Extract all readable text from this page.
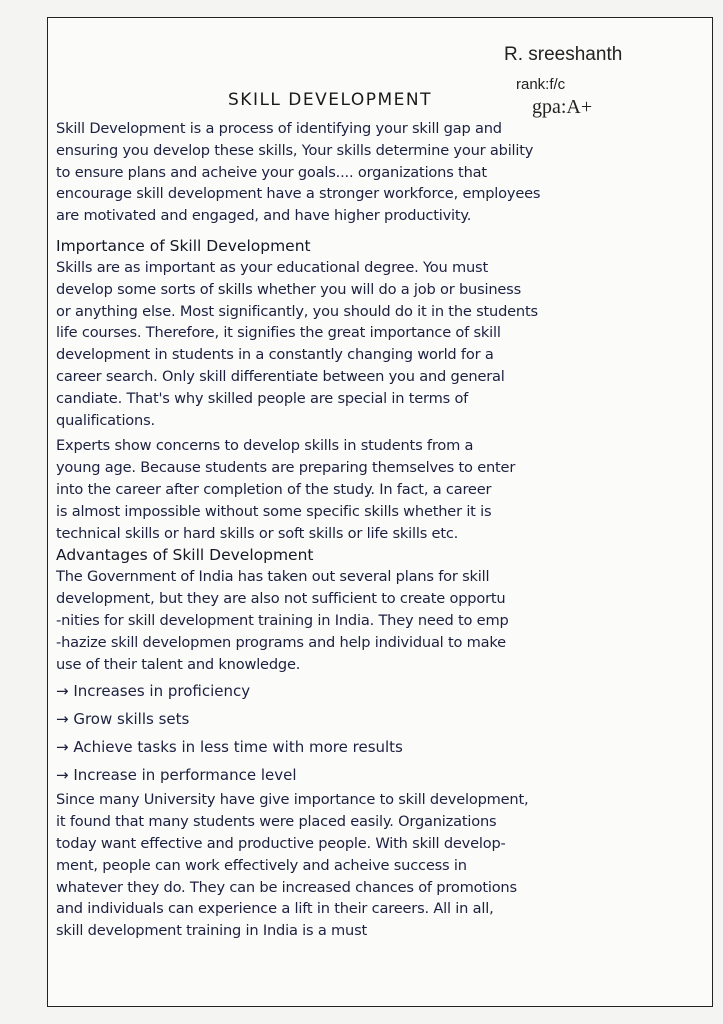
R. sreeshanth
rank:f/c
gpa:A+
SKILL DEVELOPMENT
Skill Development is a process of identifying your skill gap and
ensuring you develop these skills, Your skills determine your ability
to ensure plans and acheive your goals.... organizations that
encourage skill development have a stronger workforce, employees
are motivated and engaged, and have higher productivity.
Importance of Skill Development
Skills are as important as your educational degree. You must
develop some sorts of skills whether you will do a job or business
or anything else. Most significantly, you should do it in the students
life courses. Therefore, it signifies the great importance of skill
development in students in a constantly changing world for a
career search. Only skill differentiate between you and general
candiate. That's why skilled people are special in terms of
qualifications.
Experts show concerns to develop skills in students from a
young age. Because students are preparing themselves to enter
into the career after completion of the study. In fact, a career
is almost impossible without some specific skills whether it is
technical skills or hard skills or soft skills or life skills etc.
Advantages of Skill Development
The Government of India has taken out several plans for skill
development, but they are also not sufficient to create opportu
-nities for skill development training in India. They need to emp
-hazize skill developmen programs and help individual to make
use of their talent and knowledge.
→ Increases in proficiency
→ Grow skills sets
→ Achieve tasks in less time with more results
→ Increase in performance level
Since many University have give importance to skill development,
it found that many students were placed easily. Organizations
today want effective and productive people. With skill develop-
ment, people can work effectively and acheive success in
whatever they do. They can be increased chances of promotions
and individuals can experience a lift in their careers. All in all,
skill development training in India is a must
